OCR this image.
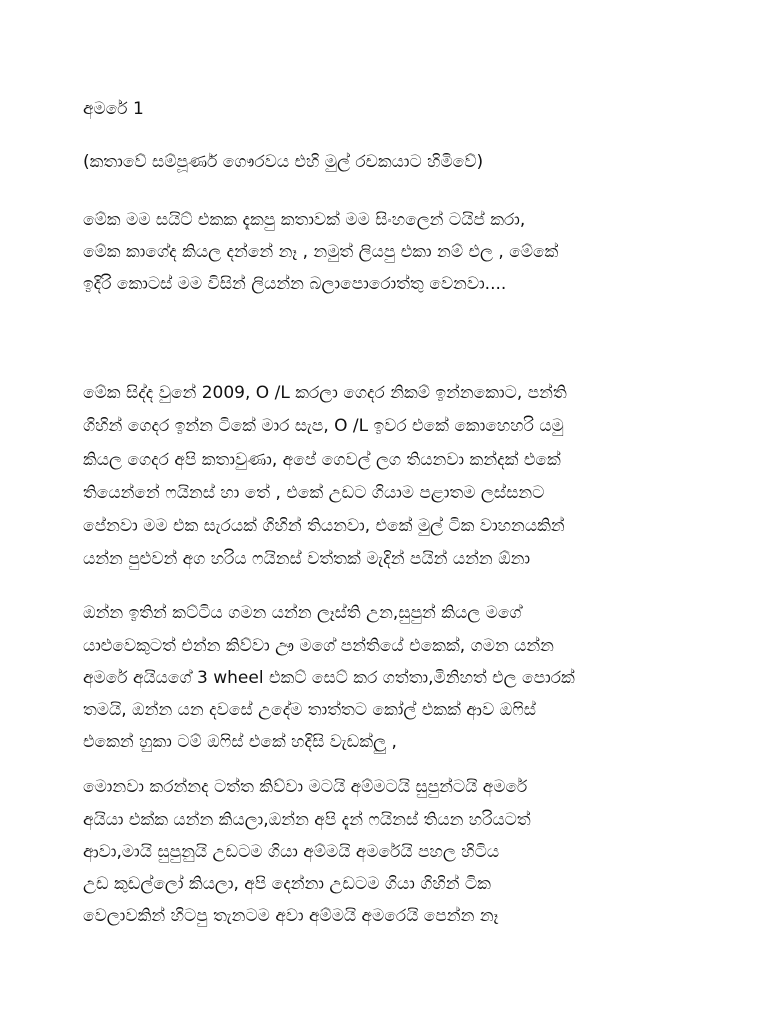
අමරේ 1
(කතාවේ සම්පූර්ණ ගෞරවය එහි මුල් රචකයාට හිමිවේ)
මේක මම සයිට් එකක දැකපු කතාවක් මම සිංහලෙන් ටයිප් කරා,
මේක කාගේද කියල දන්නේ නෑ , නමුත් ලියපු එකා නම් එල , මේකේ
ඉදිරි කොටස් මම විසින් ලියන්න බලාපොරොත්තු වෙනවා....
මේක සිද්ද වුනේ 2009, O /L කරලා ගෙදර නිකම් ඉන්නකොට, පන්ති
ගිහින් ගෙදර ඉන්න ටිකේ මාර සැප, O /L ඉවර එකේ කොහෙහරි යමු
කියල ගෙදර අපි කතාවුණා, අපේ ගෙවල් ලග තියනවා කන්දක් එකේ
තියෙන්නේ ෆයිනස් හා තේ , එකේ උඩට ගියාම පළාතම ලස්සනට
පේනවා මම එක සැරයක් ගිහින් තියනවා, එකේ මුල් ටික වාහනයකින්
යන්න පුළුවන් අග හරිය ෆයිනස් වත්තක් මැදින් පයින් යන්න ඕනා
ඔන්න ඉතින් කට්ටිය ගමන යන්න ලෑස්ති උන,සුපුන් කියල මගේ
යාළුවෙකුටත් එන්න කිව්වා ඌ මගේ පන්තියේ එකෙක්, ගමන යන්න
අමරේ අයියගේ 3 wheel එකට් සෙට් කර ගත්තා,මිනිහත් එල පොරක්
තමයි, ඔන්න යන දවසේ උදේම තාත්තට කෝල් එකක් ආව ඔෆිස්
එකෙන් හුකා ටම් ඔෆිස් එකේ හදිසි වැඩක්ලු ,
මොනවා කරන්නද ටත්ත කිව්වා මටයි අම්මටයි සුපුන්ටයි අමරේ
අයියා එක්ක යන්න කියලා,ඔන්න අපි දැන් ෆයිනස් තියන හරියටත්
ආවා,මායි සුපුනුයි උඩටම ගියා අම්මයි අමරේයි පහල හිටිය
උඩ කුඩල්ලෝ කියලා, අපි දෙන්නා උඩටම ගියා ගිහින් ටික
වෙලාවකින් හිටපු තැනටම අවා අම්මයි අමරෙයි පෙන්න නෑ
